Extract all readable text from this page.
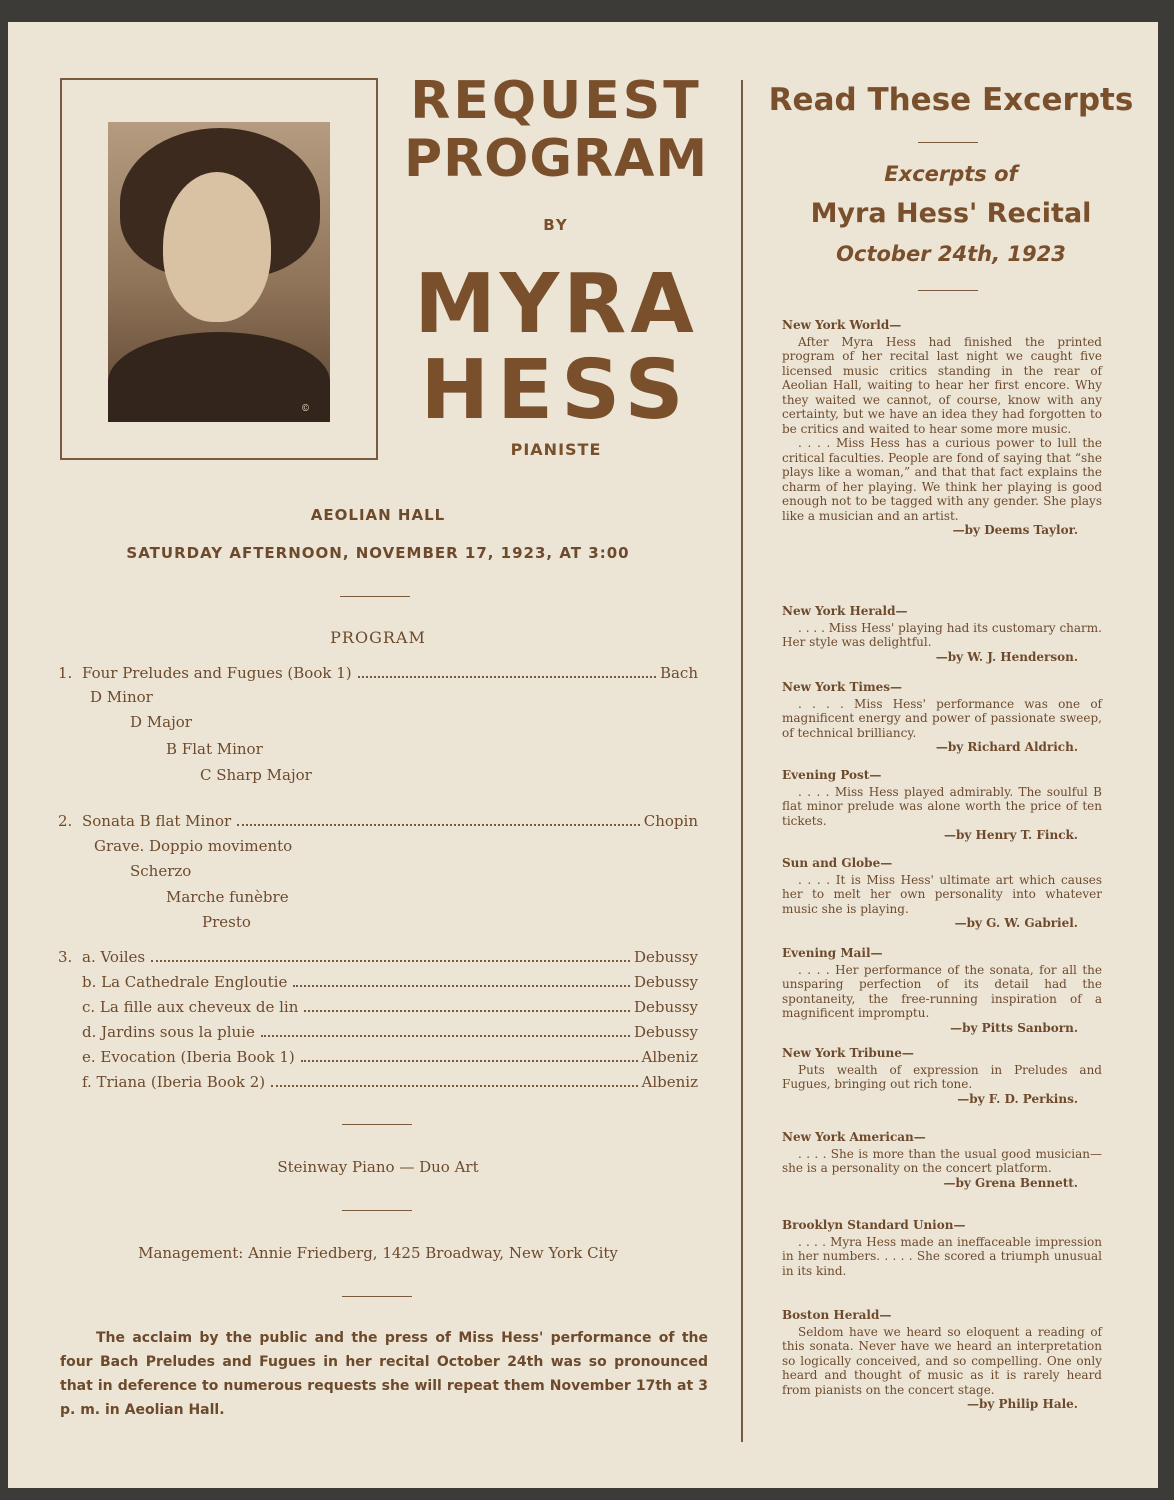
©
REQUEST
PROGRAM
BY
MYRA
HESS
PIANISTE
AEOLIAN HALL
SATURDAY AFTERNOON, NOVEMBER 17, 1923, AT 3:00
PROGRAM
1. Four Preludes and Fugues (Book 1)	Bach
D Minor
D Major
B Flat Minor
C Sharp Major
2. Sonata B flat Minor	Chopin
Grave. Doppio movimento
Scherzo
Marche funèbre
Presto
3. a. Voiles	Debussy
b. La Cathedrale Engloutie	Debussy
c. La fille aux cheveux de lin	Debussy
d. Jardins sous la pluie	Debussy
e. Evocation (Iberia Book 1)	Albeniz
f. Triana (Iberia Book 2)	Albeniz
Steinway Piano — Duo Art
Management: Annie Friedberg, 1425 Broadway, New York City
The acclaim by the public and the press of Miss Hess' performance of the four Bach Preludes and Fugues in her recital October 24th was so pronounced that in deference to numerous requests she will repeat them November 17th at 3 p. m. in Aeolian Hall.
Read These Excerpts
Excerpts of
Myra Hess' Recital
October 24th, 1923
New York World—
After Myra Hess had finished the printed program of her recital last night we caught five licensed music critics standing in the rear of Aeolian Hall, waiting to hear her first encore. Why they waited we cannot, of course, know with any certainty, but we have an idea they had forgotten to be critics and waited to hear some more music.
. . . . Miss Hess has a curious power to lull the critical faculties. People are fond of saying that “she plays like a woman,” and that that fact explains the charm of her playing. We think her playing is good enough not to be tagged with any gender. She plays like a musician and an artist.
—by Deems Taylor.
New York Herald—
. . . . Miss Hess' playing had its customary charm. Her style was delightful.
—by W. J. Henderson.
New York Times—
. . . . Miss Hess' performance was one of magnificent energy and power of passionate sweep, of technical brilliancy.
—by Richard Aldrich.
Evening Post—
. . . . Miss Hess played admirably. The soulful B flat minor prelude was alone worth the price of ten tickets.
—by Henry T. Finck.
Sun and Globe—
. . . . It is Miss Hess' ultimate art which causes her to melt her own personality into whatever music she is playing.
—by G. W. Gabriel.
Evening Mail—
. . . . Her performance of the sonata, for all the unsparing perfection of its detail had the spontaneity, the free-running inspiration of a magnificent impromptu.
—by Pitts Sanborn.
New York Tribune—
Puts wealth of expression in Preludes and Fugues, bringing out rich tone.
—by F. D. Perkins.
New York American—
. . . . She is more than the usual good musician—she is a personality on the concert platform.
—by Grena Bennett.
Brooklyn Standard Union—
. . . . Myra Hess made an ineffaceable impression in her numbers. . . . . She scored a triumph unusual in its kind.
Boston Herald—
Seldom have we heard so eloquent a reading of this sonata. Never have we heard an interpretation so logically conceived, and so compelling. One only heard and thought of music as it is rarely heard from pianists on the concert stage.
—by Philip Hale.
